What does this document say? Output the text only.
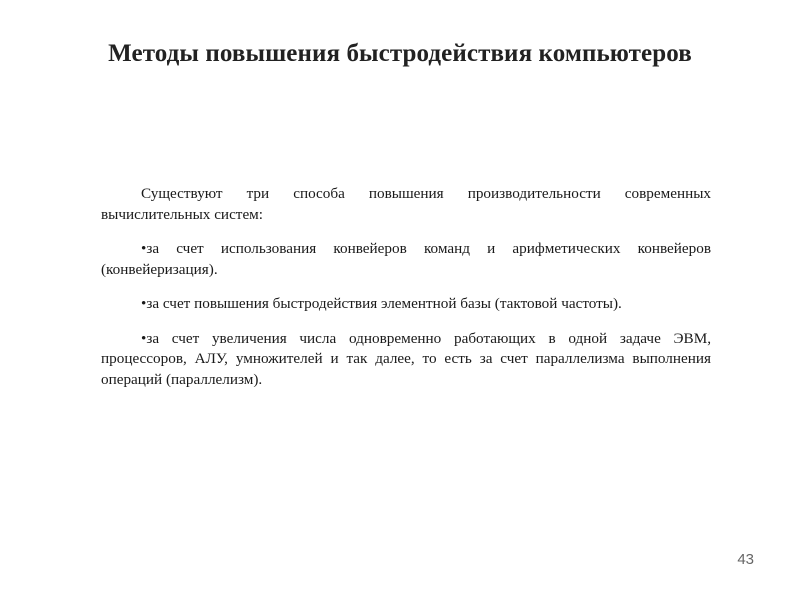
Методы повышения быстродействия компьютеров

Существуют три способа повышения производительности современных вычислительных систем:

•за счет использования конвейеров команд и арифметических конвейеров (конвейеризация).

•за счет повышения быстродействия элементной базы (тактовой частоты).

•за счет увеличения числа одновременно работающих в одной задаче ЭВМ, процессоров, АЛУ, умножителей и так далее, то есть за счет параллелизма выполнения операций (параллелизм).

43
